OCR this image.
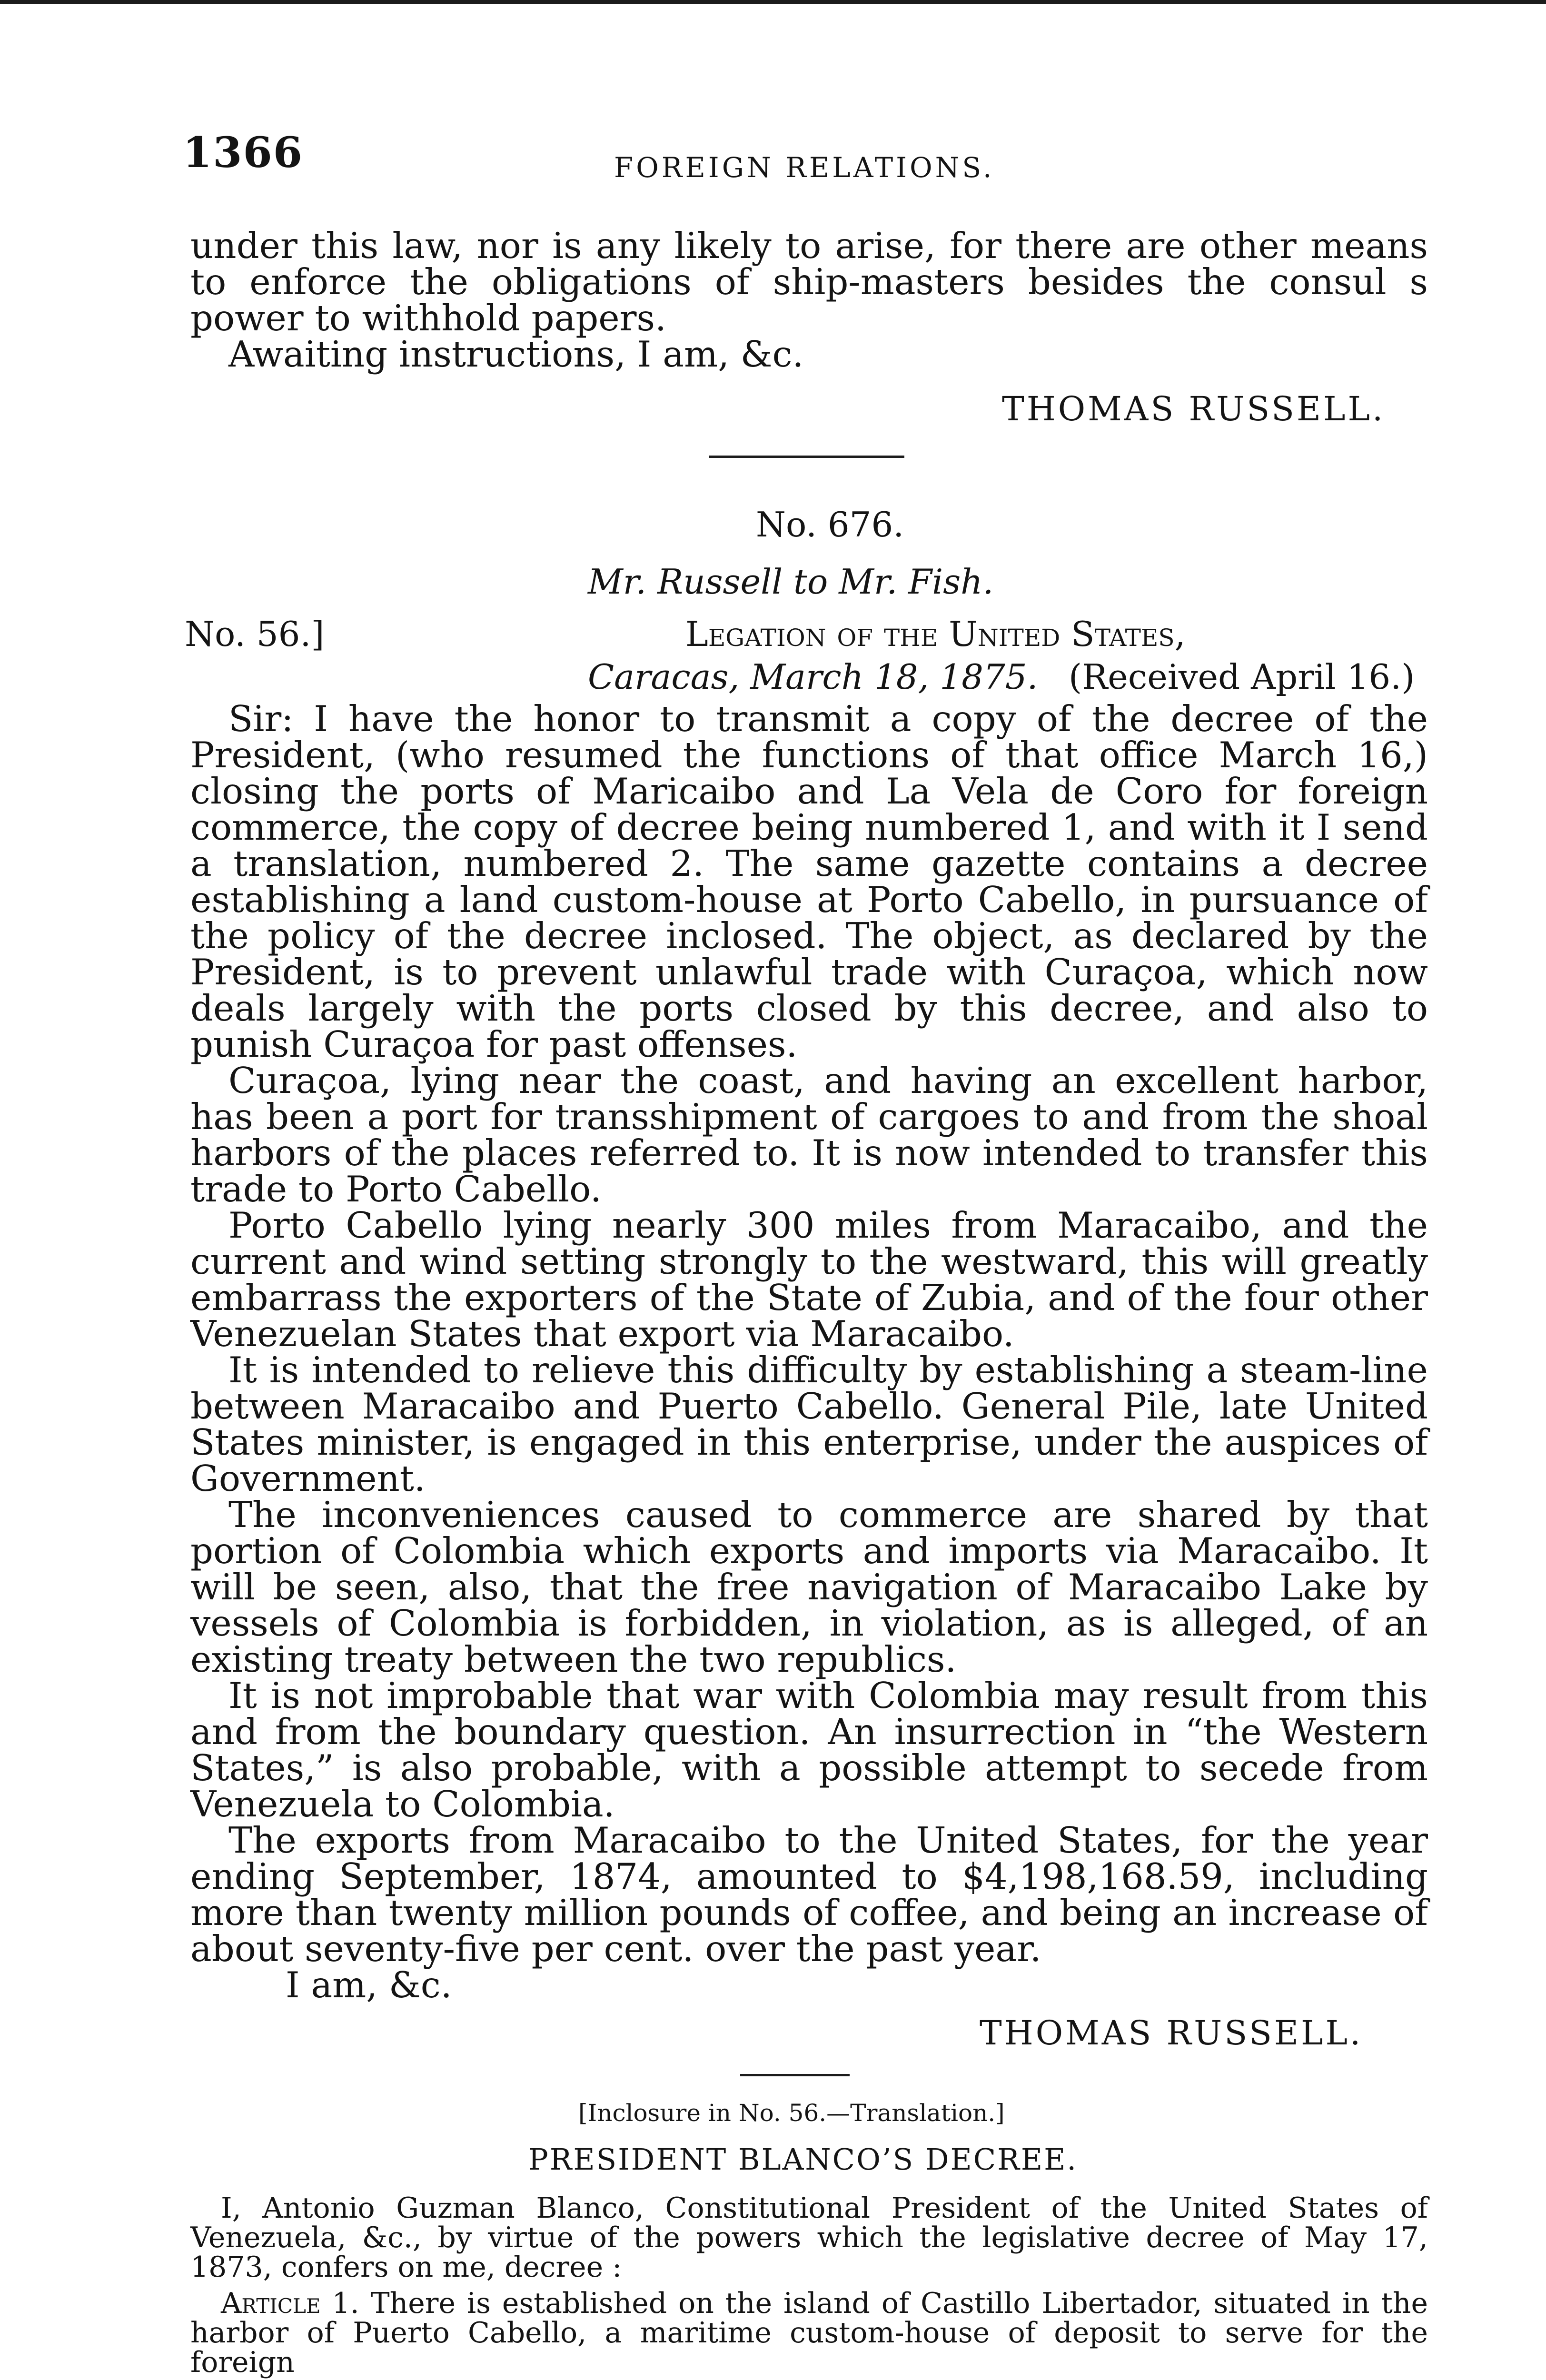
1366	FOREIGN RELATIONS.

under this law, nor is any likely to arise, for there are other means to enforce the obligations of ship-masters besides the consul s power to withhold papers.

Awaiting instructions, I am, &c.

THOMAS RUSSELL.
No. 676.
Mr. Russell to Mr. Fish.
No. 56.]	Legation of the United States,
Caracas, March 18, 1875. (Received April 16.)

Sir: I have the honor to transmit a copy of the decree of the President, (who resumed the functions of that office March 16,) closing the ports of Maricaibo and La Vela de Coro for foreign commerce, the copy of decree being numbered 1, and with it I send a translation, numbered 2. The same gazette contains a decree establishing a land custom-house at Porto Cabello, in pursuance of the policy of the decree inclosed. The object, as declared by the President, is to prevent unlawful trade with Curaçoa, which now deals largely with the ports closed by this decree, and also to punish Curaçoa for past offenses.

Curaçoa, lying near the coast, and having an excellent harbor, has been a port for transshipment of cargoes to and from the shoal harbors of the places referred to. It is now intended to transfer this trade to Porto Cabello.

Porto Cabello lying nearly 300 miles from Maracaibo, and the current and wind setting strongly to the westward, this will greatly embarrass the exporters of the State of Zubia, and of the four other Venezuelan States that export via Maracaibo.

It is intended to relieve this difficulty by establishing a steam-line between Maracaibo and Puerto Cabello. General Pile, late United States minister, is engaged in this enterprise, under the auspices of Government.

The inconveniences caused to commerce are shared by that portion of Colombia which exports and imports via Maracaibo. It will be seen, also, that the free navigation of Maracaibo Lake by vessels of Colombia is forbidden, in violation, as is alleged, of an existing treaty between the two republics.

It is not improbable that war with Colombia may result from this and from the boundary question. An insurrection in “the Western States,” is also probable, with a possible attempt to secede from Venezuela to Colombia.

The exports from Maracaibo to the United States, for the year ending September, 1874, amounted to $4,198,168.59, including more than twenty million pounds of coffee, and being an increase of about seventy-five per cent. over the past year.

I am, &c.

THOMAS RUSSELL.
[Inclosure in No. 56.—Translation.]
PRESIDENT BLANCO’S DECREE.

I, Antonio Guzman Blanco, Constitutional President of the United States of Venezuela, &c., by virtue of the powers which the legislative decree of May 17, 1873, confers on me, decree :

Article 1. There is established on the island of Castillo Libertador, situated in the harbor of Puerto Cabello, a maritime custom-house of deposit to serve for the foreign
